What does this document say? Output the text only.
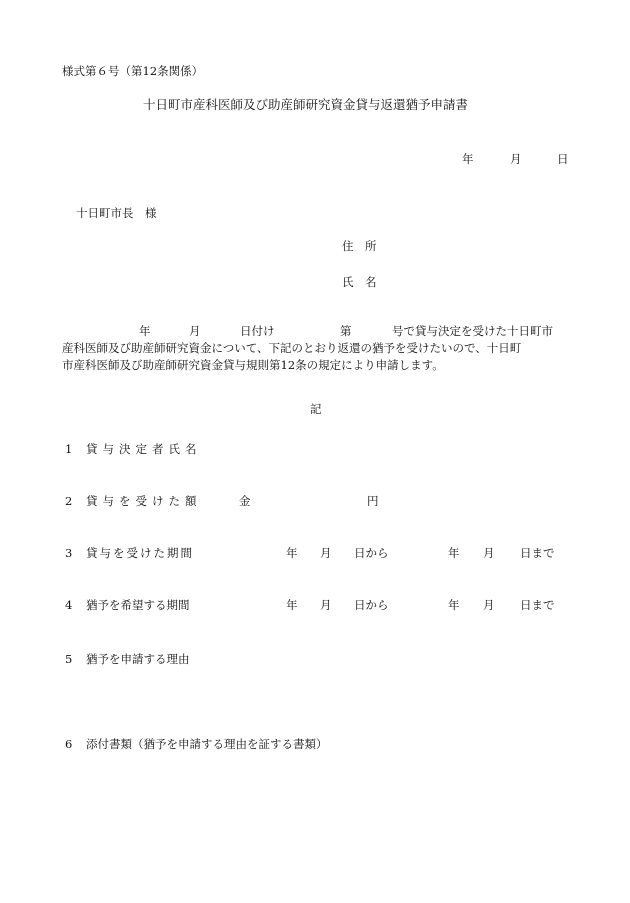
様式第６号（第12条関係）
十日町市産科医師及び助産師研究資金貸与返還猶予申請書
年	月	日
十日町市長　様
住　所
氏　名
年	月	日付け	第	号で貸与決定を受けた十日町市
産科医師及び助産師研究資金について、下記のとおり返還の猶予を受けたいので、十日町
市産科医師及び助産師研究資金貸与規則第12条の規定により申請します。
記
1 貸与決定者氏名
2 貸与を受けた額	金	円
3 貸与を受けた期間	年 月 日から	年 月 日まで
4 猶予を希望する期間	年 月 日から	年 月 日まで
5 猶予を申請する理由
6 添付書類（猶予を申請する理由を証する書類）
